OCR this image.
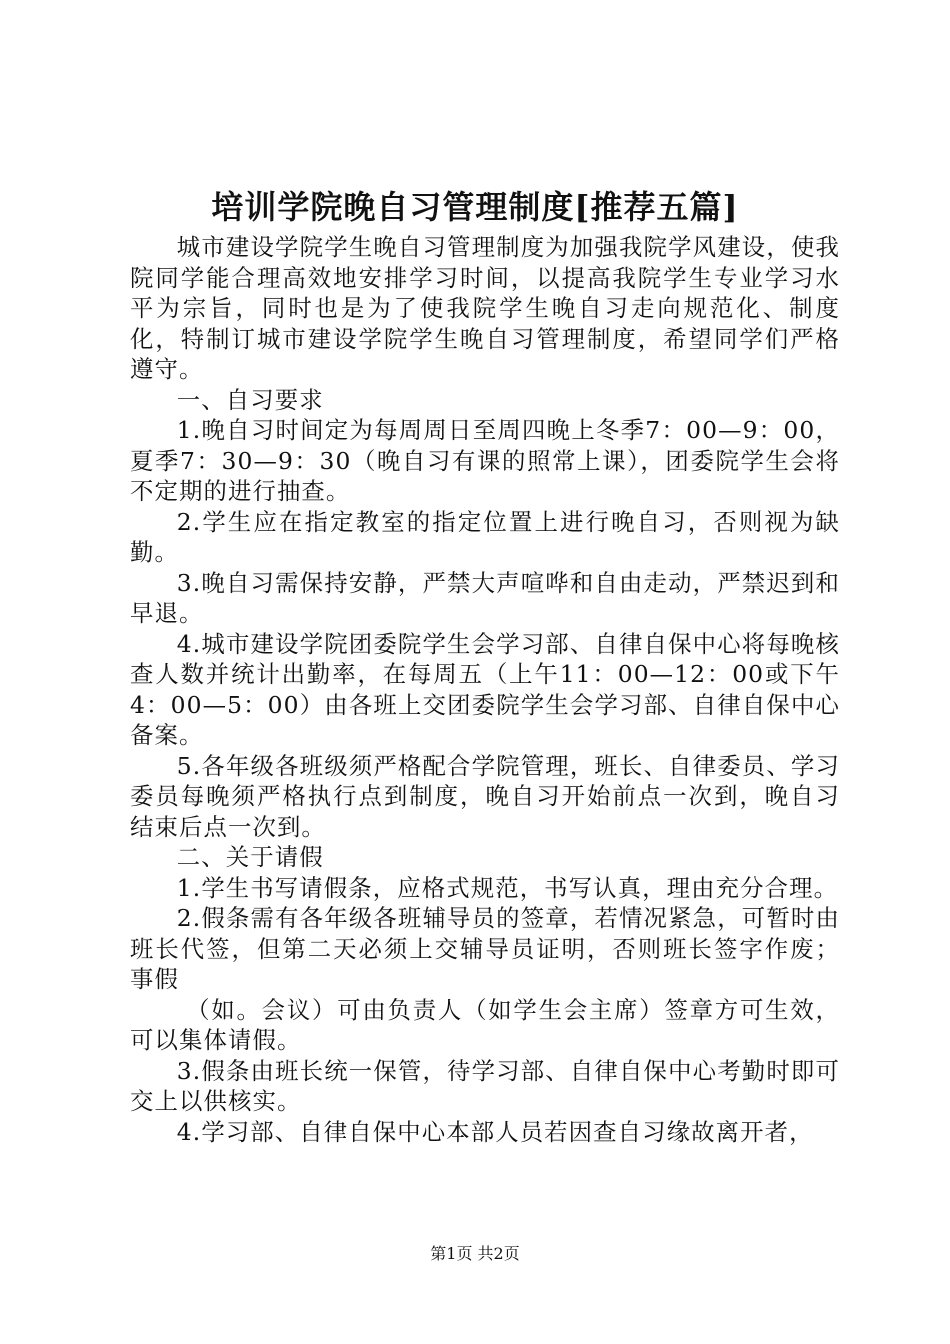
培训学院晚自习管理制度[推荐五篇]

城市建设学院学生晚自习管理制度为加强我院学风建设，使我院同学能合理高效地安排学习时间，以提高我院学生专业学习水平为宗旨，同时也是为了使我院学生晚自习走向规范化、制度化，特制订城市建设学院学生晚自习管理制度，希望同学们严格遵守。

一、自习要求

1.晚自习时间定为每周周日至周四晚上冬季7：00—9：00，夏季7：30—9：30（晚自习有课的照常上课），团委院学生会将不定期的进行抽查。

2.学生应在指定教室的指定位置上进行晚自习，否则视为缺勤。

3.晚自习需保持安静，严禁大声喧哗和自由走动，严禁迟到和早退。

4.城市建设学院团委院学生会学习部、自律自保中心将每晚核查人数并统计出勤率，在每周五（上午11：00—12：00或下午4：00—5：00）由各班上交团委院学生会学习部、自律自保中心备案。

5.各年级各班级须严格配合学院管理，班长、自律委员、学习委员每晚须严格执行点到制度，晚自习开始前点一次到，晚自习结束后点一次到。

二、关于请假

1.学生书写请假条，应格式规范，书写认真，理由充分合理。

2.假条需有各年级各班辅导员的签章，若情况紧急，可暂时由班长代签，但第二天必须上交辅导员证明，否则班长签字作废；事假

（如。会议）可由负责人（如学生会主席）签章方可生效，可以集体请假。

3.假条由班长统一保管，待学习部、自律自保中心考勤时即可交上以供核实。

4.学习部、自律自保中心本部人员若因查自习缘故离开者，

第1页 共2页
